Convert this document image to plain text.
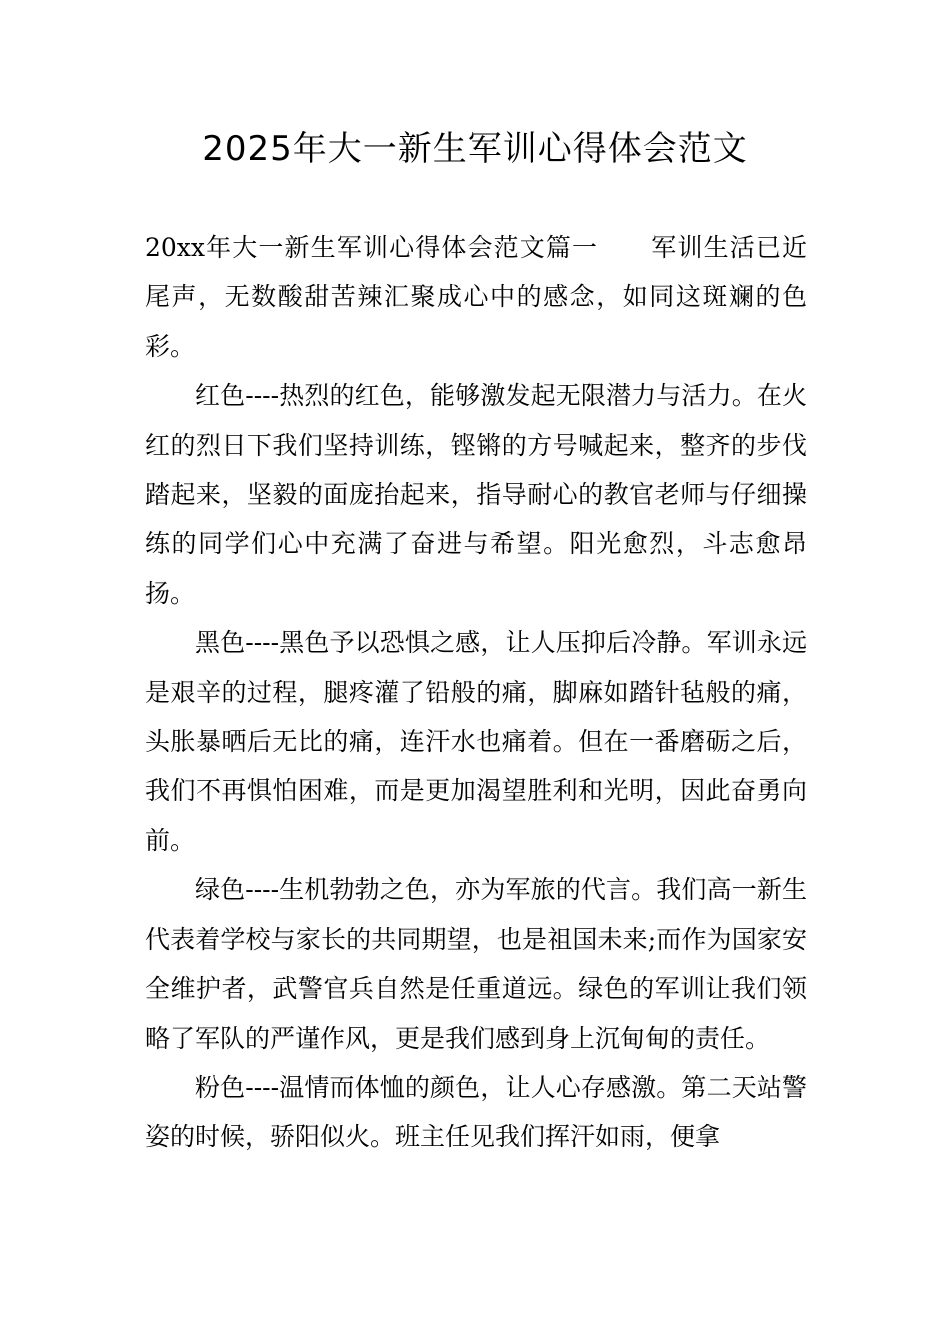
2025年大一新生军训心得体会范文

20xx年大一新生军训心得体会范文篇一 军训生活已近尾声，无数酸甜苦辣汇聚成心中的感念，如同这斑斓的色彩。

红色----热烈的红色，能够激发起无限潜力与活力。在火红的烈日下我们坚持训练，铿锵的方号喊起来，整齐的步伐踏起来，坚毅的面庞抬起来，指导耐心的教官老师与仔细操练的同学们心中充满了奋进与希望。阳光愈烈，斗志愈昂扬。

黑色----黑色予以恐惧之感，让人压抑后冷静。军训永远是艰辛的过程，腿疼灌了铅般的痛，脚麻如踏针毡般的痛，头胀暴晒后无比的痛，连汗水也痛着。但在一番磨砺之后，我们不再惧怕困难，而是更加渴望胜利和光明，因此奋勇向前。

绿色----生机勃勃之色，亦为军旅的代言。我们高一新生代表着学校与家长的共同期望，也是祖国未来;而作为国家安全维护者，武警官兵自然是任重道远。绿色的军训让我们领略了军队的严谨作风，更是我们感到身上沉甸甸的责任。

粉色----温情而体恤的颜色，让人心存感激。第二天站警姿的时候，骄阳似火。班主任见我们挥汗如雨，便拿
